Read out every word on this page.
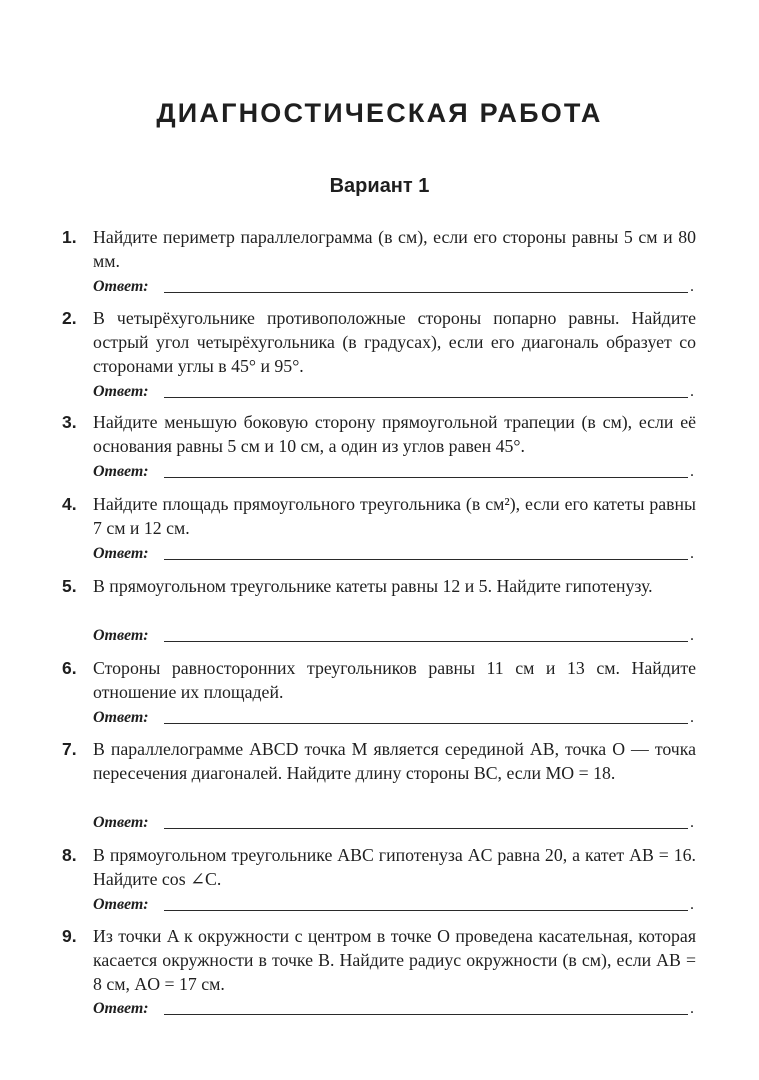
ДИАГНОСТИЧЕСКАЯ РАБОТА
Вариант 1
1. Найдите периметр параллелограмма (в см), если его стороны равны 5 см и 80 мм.
Ответ:	.
2. В четырёхугольнике противоположные стороны попарно равны. Найдите острый угол четырёхугольника (в градусах), если его диагональ образует со сторонами углы в 45° и 95°.
Ответ:	.
3. Найдите меньшую боковую сторону прямоугольной трапеции (в см), если её основания равны 5 см и 10 см, а один из углов равен 45°.
Ответ:	.
4. Найдите площадь прямоугольного треугольника (в см²), если его катеты равны 7 см и 12 см.
Ответ:	.
5. В прямоугольном треугольнике катеты равны 12 и 5. Найдите гипотенузу.
Ответ:	.
6. Стороны равносторонних треугольников равны 11 см и 13 см. Найдите отношение их площадей.
Ответ:	.
7. В параллелограмме ABCD точка M является серединой AB, точка O — точка пересечения диагоналей. Найдите длину стороны BC, если MO = 18.
Ответ:	.
8. В прямоугольном треугольнике ABC гипотенуза AC равна 20, а катет AB = 16. Найдите cos ∠C.
Ответ:	.
9. Из точки A к окружности с центром в точке O проведена касательная, которая касается окружности в точке B. Найдите радиус окружности (в см), если AB = 8 см, AO = 17 см.
Ответ:	.
